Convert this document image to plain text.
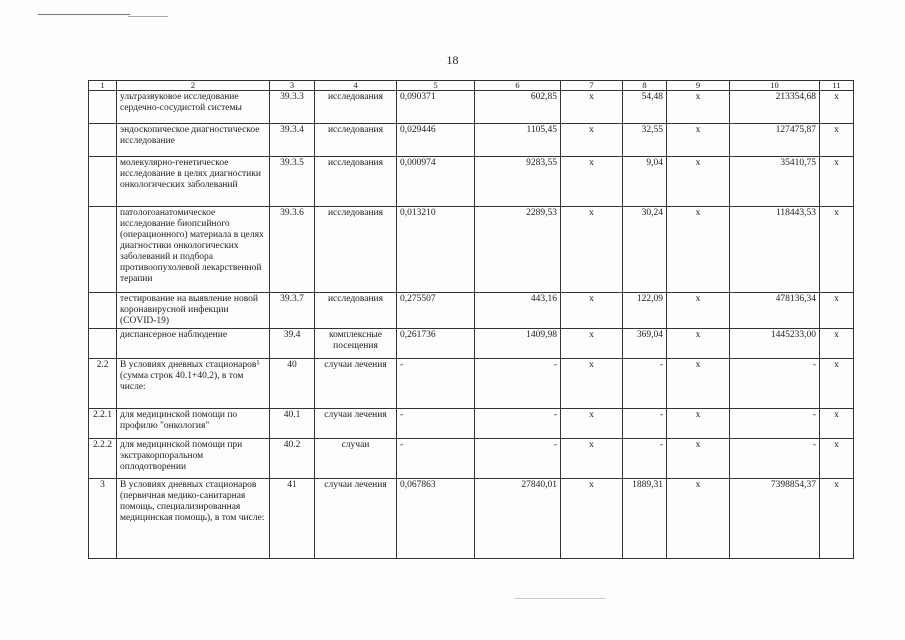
18
1	2	3	4	5	6	7	8	9	10	11
	ультразвуковое исследование сердечно-сосудистой системы	39.3.3	исследования	0,090371	602,85	х	54,48	х	213354,68	х
	эндоскопическое диагностическое исследование	39.3.4	исследования	0,029446	1105,45	х	32,55	х	127475,87	х
	молекулярно-генетическое исследование в целях диагностики онкологических заболеваний	39.3.5	исследования	0,000974	9283,55	х	9,04	х	35410,75	х
	патологоанатомическое исследование биопсийного (операционного) материала в целях диагностики онкологических заболеваний и подбора противоопухолевой лекарственной терапии	39.3.6	исследования	0,013210	2289,53	х	30,24	х	118443,53	х
	тестирование на выявление новой коронавирусной инфекции (COVID-19)	39.3.7	исследования	0,275507	443,16	х	122,09	х	478136,34	х
	диспансерное наблюдение	39.4	комплексные посещения	0,261736	1409,98	х	369,04	х	1445233,00	х
2.2	В условиях дневных стационаров⁵ (сумма строк 40.1+40.2), в том числе:	40	случаи лечения	-	-	х	-	х	-	х
2.2.1	для медицинской помощи по профилю "онкология"	40.1	случаи лечения	-	-	х	-	х	-	х
2.2.2	для медицинской помощи при экстракорпоральном оплодотворении	40.2	случаи	-	-	х	-	х	-	х
3	В условиях дневных стационаров (первичная медико-санитарная помощь, специализированная медицинская помощь), в том числе:	41	случаи лечения	0,067863	27840,01	х	1889,31	х	7398854,37	х
